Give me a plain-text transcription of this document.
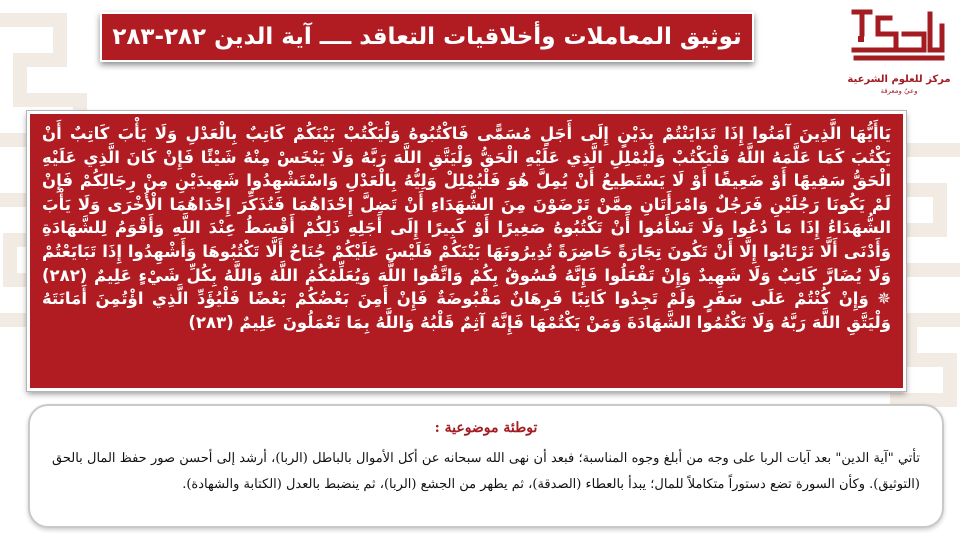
مركز للعلوم الشرعية
وعيٌ ومعرفة
توثيق المعاملات وأخلاقيات التعاقد ــــ آية الدين ٢٨٢-٢٨٣
يَاأَيُّهَا الَّذِينَ آمَنُوا إِذَا تَدَايَنْتُمْ بِدَيْنٍ إِلَى أَجَلٍ مُسَمًّى فَاكْتُبُوهُ وَلْيَكْتُبْ بَيْنَكُمْ كَاتِبٌ بِالْعَدْلِ وَلَا يَأْبَ كَاتِبٌ أَنْ يَكْتُبَ كَمَا عَلَّمَهُ اللَّهُ فَلْيَكْتُبْ وَلْيُمْلِلِ الَّذِي عَلَيْهِ الْحَقُّ وَلْيَتَّقِ اللَّهَ رَبَّهُ وَلَا يَبْخَسْ مِنْهُ شَيْئًا فَإِنْ كَانَ الَّذِي عَلَيْهِ الْحَقُّ سَفِيهًا أَوْ ضَعِيفًا أَوْ لَا يَسْتَطِيعُ أَنْ يُمِلَّ هُوَ فَلْيُمْلِلْ وَلِيُّهُ بِالْعَدْلِ وَاسْتَشْهِدُوا شَهِيدَيْنِ مِنْ رِجَالِكُمْ فَإِنْ لَمْ يَكُونَا رَجُلَيْنِ فَرَجُلٌ وَامْرَأَتَانِ مِمَّنْ تَرْضَوْنَ مِنَ الشُّهَدَاءِ أَنْ تَضِلَّ إِحْدَاهُمَا فَتُذَكِّرَ إِحْدَاهُمَا الْأُخْرَى وَلَا يَأْبَ الشُّهَدَاءُ إِذَا مَا دُعُوا وَلَا تَسْأَمُوا أَنْ تَكْتُبُوهُ صَغِيرًا أَوْ كَبِيرًا إِلَى أَجَلِهِ ذَلِكُمْ أَقْسَطُ عِنْدَ اللَّهِ وَأَقْوَمُ لِلشَّهَادَةِ وَأَدْنَى أَلَّا تَرْتَابُوا إِلَّا أَنْ تَكُونَ تِجَارَةً حَاضِرَةً تُدِيرُونَهَا بَيْنَكُمْ فَلَيْسَ عَلَيْكُمْ جُنَاحٌ أَلَّا تَكْتُبُوهَا وَأَشْهِدُوا إِذَا تَبَايَعْتُمْ وَلَا يُضَارَّ كَاتِبٌ وَلَا شَهِيدٌ وَإِنْ تَفْعَلُوا فَإِنَّهُ فُسُوقٌ بِكُمْ وَاتَّقُوا اللَّهَ وَيُعَلِّمُكُمُ اللَّهُ وَاللَّهُ بِكُلِّ شَيْءٍ عَلِيمٌ (٢٨٢) ✵ وَإِنْ كُنْتُمْ عَلَى سَفَرٍ وَلَمْ تَجِدُوا كَاتِبًا فَرِهَانٌ مَقْبُوضَةٌ فَإِنْ أَمِنَ بَعْضُكُمْ بَعْضًا فَلْيُؤَدِّ الَّذِي اؤْتُمِنَ أَمَانَتَهُ وَلْيَتَّقِ اللَّهَ رَبَّهُ وَلَا تَكْتُمُوا الشَّهَادَةَ وَمَنْ يَكْتُمْهَا فَإِنَّهُ آثِمٌ قَلْبُهُ وَاللَّهُ بِمَا تَعْمَلُونَ عَلِيمٌ (٢٨٣)
توطئة موضوعية :
تأتي "آية الدين" بعد آيات الربا على وجه من أبلغ وجوه المناسبة؛ فبعد أن نهى الله سبحانه عن أكل الأموال بالباطل (الربا)، أرشد إلى أحسن صور حفظ المال بالحق (التوثيق). وكأن السورة تضع دستوراً متكاملاً للمال؛ يبدأ بالعطاء (الصدقة)، ثم يطهر من الجشع (الربا)، ثم ينضبط بالعدل (الكتابة والشهادة).
